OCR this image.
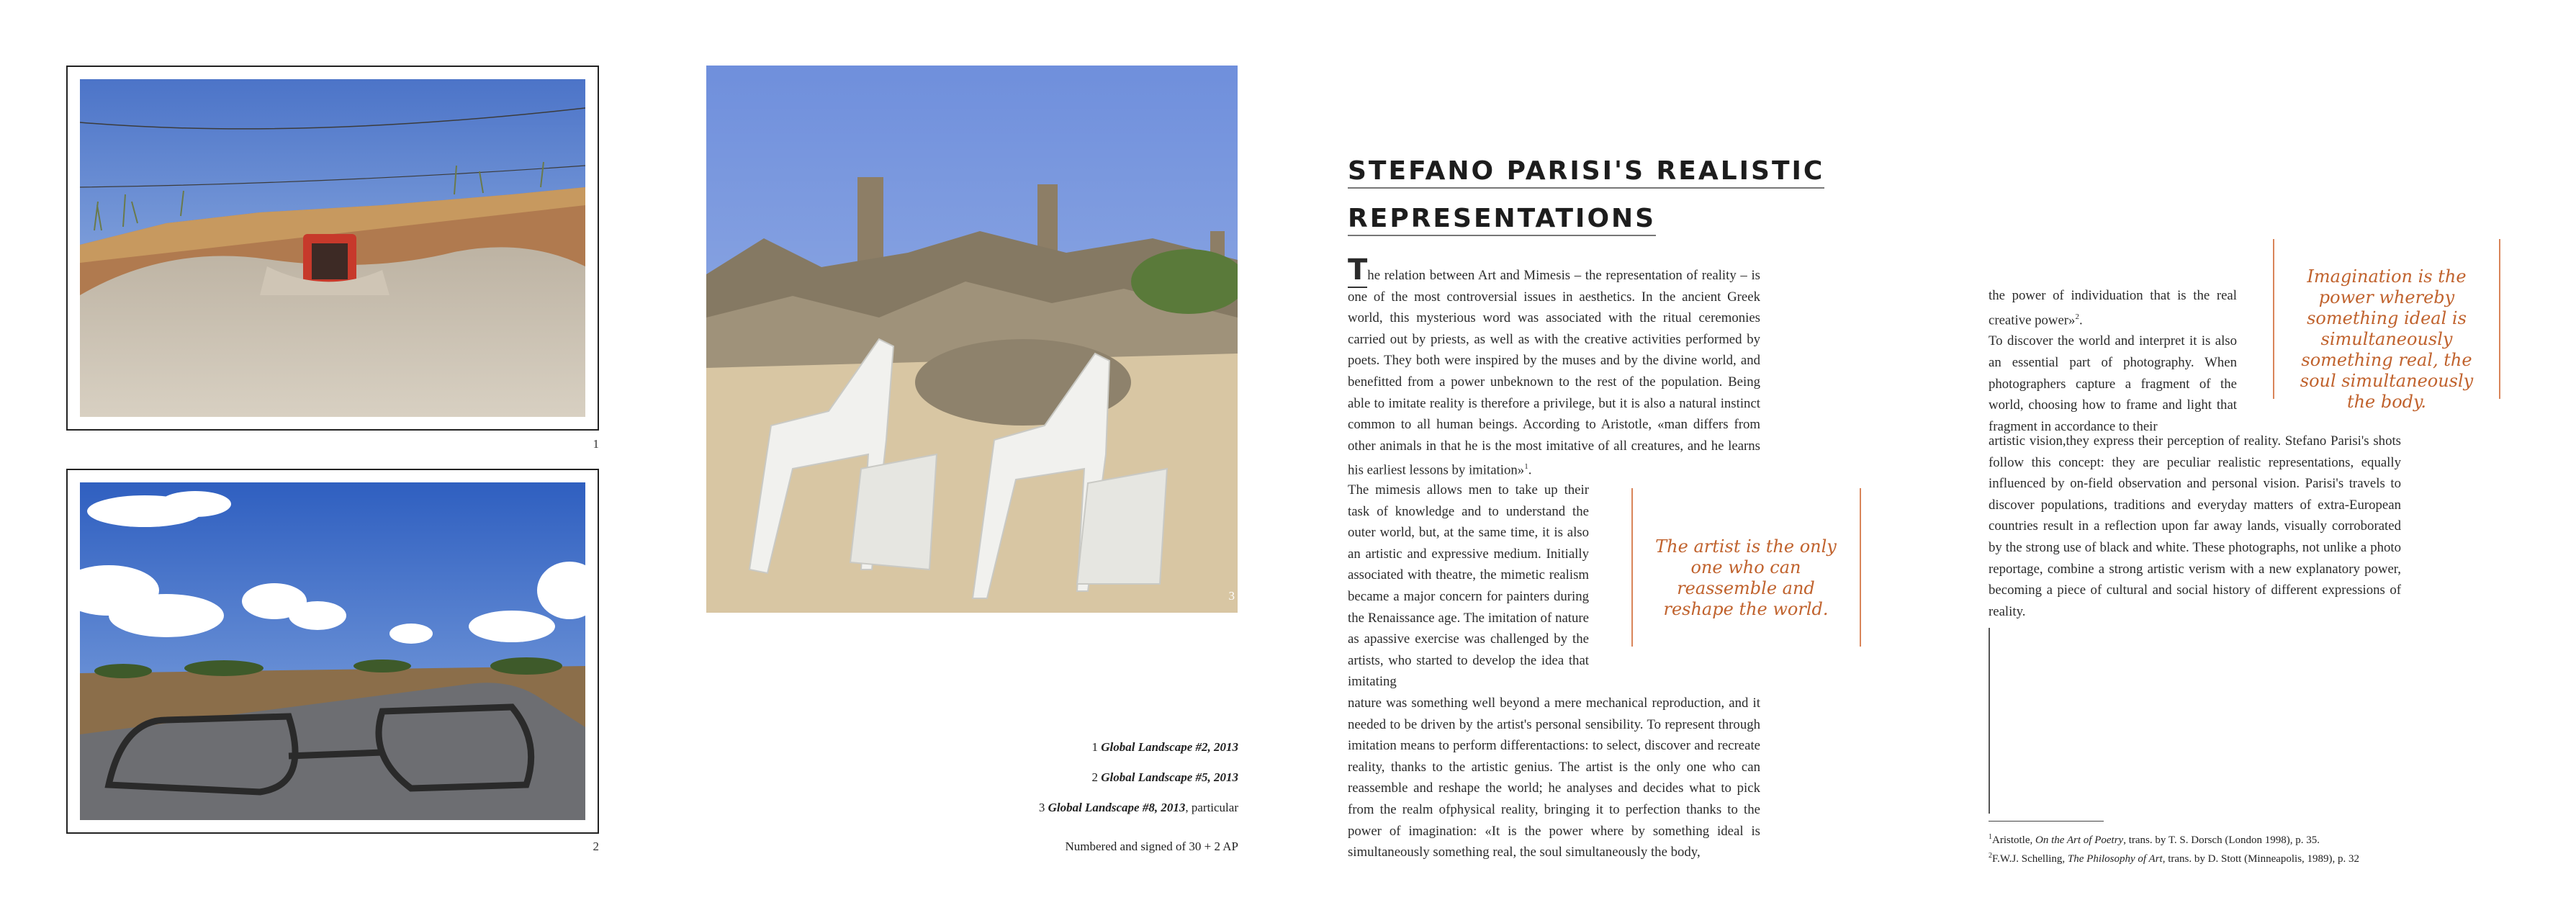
1
2
3
1 Global Landscape #2, 2013
2 Global Landscape #5, 2013
3 Global Landscape #8, 2013, particular
Numbered and signed of 30 + 2 AP
STEFANO PARISI'S REALISTIC
REPRESENTATIONS

The relation between Art and Mimesis – the representation of reality – is one of the most controversial issues in aesthetics. In the ancient Greek world, this mysterious word was associated with the ritual ceremonies carried out by priests, as well as with the creative activities performed by poets. They both were inspired by the muses and by the divine world, and benefitted from a power unbeknown to the rest of the population. Being able to imitate reality is therefore a privilege, but it is also a natural instinct common to all human beings. According to Aristotle, «man differs from other animals in that he is the most imitative of all creatures, and he learns his earliest lessons by imitation»$^1$.

The mimesis allows men to take up their task of knowledge and to understand the outer world, but, at the same time, it is also an artistic and expressive medium. Initially associated with theatre, the mimetic realism became a major concern for painters during the Renaissance age. The imitation of nature as apassive exercise was challenged by the artists, who started to develop the idea that imitating

nature was something well beyond a mere mechanical reproduction, and it needed to be driven by the artist's personal sensibility. To represent through imitation means to perform differentactions: to select, discover and recreate reality, thanks to the artistic genius. The artist is the only one who can reassemble and reshape the world; he analyses and decides what to pick from the realm ofphysical reality, bringing it to perfection thanks to the power of imagination: «It is the power where by something ideal is simultaneously something real, the soul simultaneously the body,

The artist is the only one who can reassemble and reshape the world.

the power of individuation that is the real creative power»$^2$.

To discover the world and interpret it is also an essential part of photography. When photographers capture a fragment of the world, choosing how to frame and light that fragment in accordance to their

artistic vision,they express their perception of reality. Stefano Parisi's shots follow this concept: they are peculiar realistic representations, equally influenced by on-field observation and personal vision. Parisi's travels to discover populations, traditions and everyday matters of extra-European countries result in a reflection upon far away lands, visually corroborated by the strong use of black and white. These photographs, not unlike a photo reportage, combine a strong artistic verism with a new explanatory power, becoming a piece of cultural and social history of different expressions of reality.

Imagination is the power whereby something ideal is simultaneously something real, the soul simultaneously the body.
$^1$Aristotle, On the Art of Poetry, trans. by T. S. Dorsch (London 1998), p. 35.
$^2$F.W.J. Schelling, The Philosophy of Art, trans. by D. Stott (Minneapolis, 1989), p. 32
